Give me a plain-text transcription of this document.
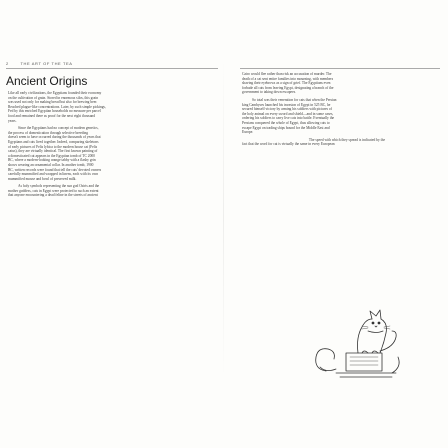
2	THE ART OF THE TEA
Ancient Origins
Like all early civilizations, the Egyptians founded their economy
on the cultivation of grain. Stored in enormous silos, this grain
was used not only for making bread but also for brewing beer.
Reached plague-like concentrations. Later, by such simple pickings,
Fed by this enriched Egyptian households no measure per parcel
food and remained there as proof for the next eight thousand
years.
Since the Egyptians had no concept of modern genetics,
the process of domestication through selective breeding
doesn't seem to have occurred during the thousands of years that
Egyptians and cats lived together. Indeed, comparing skeletons
of early pictures of Felis lybica to the modern house cat (Felis
catus), they are virtually identical. The first known painting of
a domesticated cat appears in the Egyptian tomb of TC 2000
BC, where a modern-looking orange tabby with a flashy grin
shows wearing an ornamental collar. In another tomb, 1900
BC, written records were found that tell the cats' devoted owners
carefully mummified and wrapped in linens, each with its own
mummified mouse and bowl of preserved milk.
As holy symbols representing the sun god Osiris and the
mother goddess, cats in Egypt were protected to such an extent
that anyone encountering a dead feline in the streets of ancient
Cairo would flee rather than risk an accusation of murder. The
death of a cat sent entire families into mourning, with members
shaving their eyebrows as a sign of grief. The Egyptians even
forbade all cats from leaving Egypt, designating a branch of the
government to taking down escapees.
So total was their veneration for cats that when the Persian
king Cambyses launched his invasion of Egypt in 525 BC, he
secured himself victory by arming his soldiers with pictures of
the holy animal on every sword and shield—and in some cases,
ordering his soldiers to carry live cats into battle. Eventually the
Persians conquered the whole of Egypt, thus allowing cats to
escape Egypt on trading ships bound for the Middle East and
Europe.
The speed with which they spread is indicated by the
fact that the word for cat is virtually the same in every European
